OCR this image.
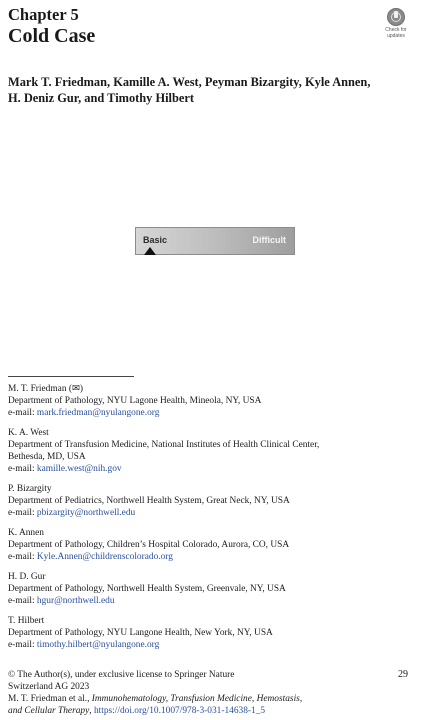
Chapter 5
Cold Case	Check for
updates
Mark T. Friedman, Kamille A. West, Peyman Bizargity, Kyle Annen,
H. Deniz Gur, and Timothy Hilbert
Basic	Difficult
M. T. Friedman (✉)
Department of Pathology, NYU Lagone Health, Mineola, NY, USA
e-mail: mark.friedman@nyulangone.org
K. A. West
Department of Transfusion Medicine, National Institutes of Health Clinical Center,
Bethesda, MD, USA
e-mail: kamille.west@nih.gov
P. Bizargity
Department of Pediatrics, Northwell Health System, Great Neck, NY, USA
e-mail: pbizargity@northwell.edu
K. Annen
Department of Pathology, Children’s Hospital Colorado, Aurora, CO, USA
e-mail: Kyle.Annen@childrenscolorado.org
H. D. Gur
Department of Pathology, Northwell Health System, Greenvale, NY, USA
e-mail: hgur@northwell.edu
T. Hilbert
Department of Pathology, NYU Langone Health, New York, NY, USA
e-mail: timothy.hilbert@nyulangone.org
© The Author(s), under exclusive license to Springer Nature
Switzerland AG 2023
M. T. Friedman et al., Immunohematology, Transfusion Medicine, Hemostasis,
and Cellular Therapy, https://doi.org/10.1007/978-3-031-14638-1_5
29
